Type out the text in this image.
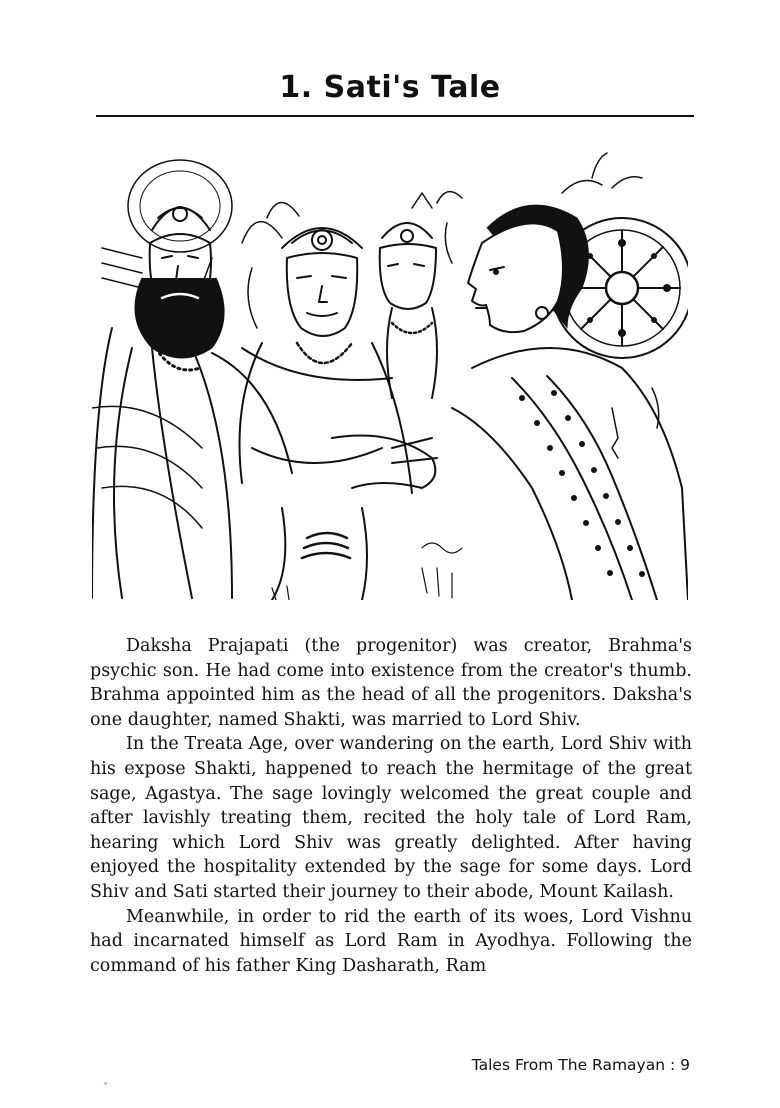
1. Sati's Tale

Daksha Prajapati (the progenitor) was creator, Brahma's psychic son. He had come into existence from the creator's thumb. Brahma appointed him as the head of all the progenitors. Daksha's one daughter, named Shakti, was married to Lord Shiv.

In the Treata Age, over wandering on the earth, Lord Shiv with his expose Shakti, happened to reach the hermitage of the great sage, Agastya. The sage lovingly welcomed the great couple and after lavishly treating them, recited the holy tale of Lord Ram, hearing which Lord Shiv was greatly delighted. After having enjoyed the hospitality extended by the sage for some days. Lord Shiv and Sati started their journey to their abode, Mount Kailash.

Meanwhile, in order to rid the earth of its woes, Lord Vishnu had incarnated himself as Lord Ram in Ayodhya. Following the command of his father King Dasharath, Ram

Tales From The Ramayan : 9
